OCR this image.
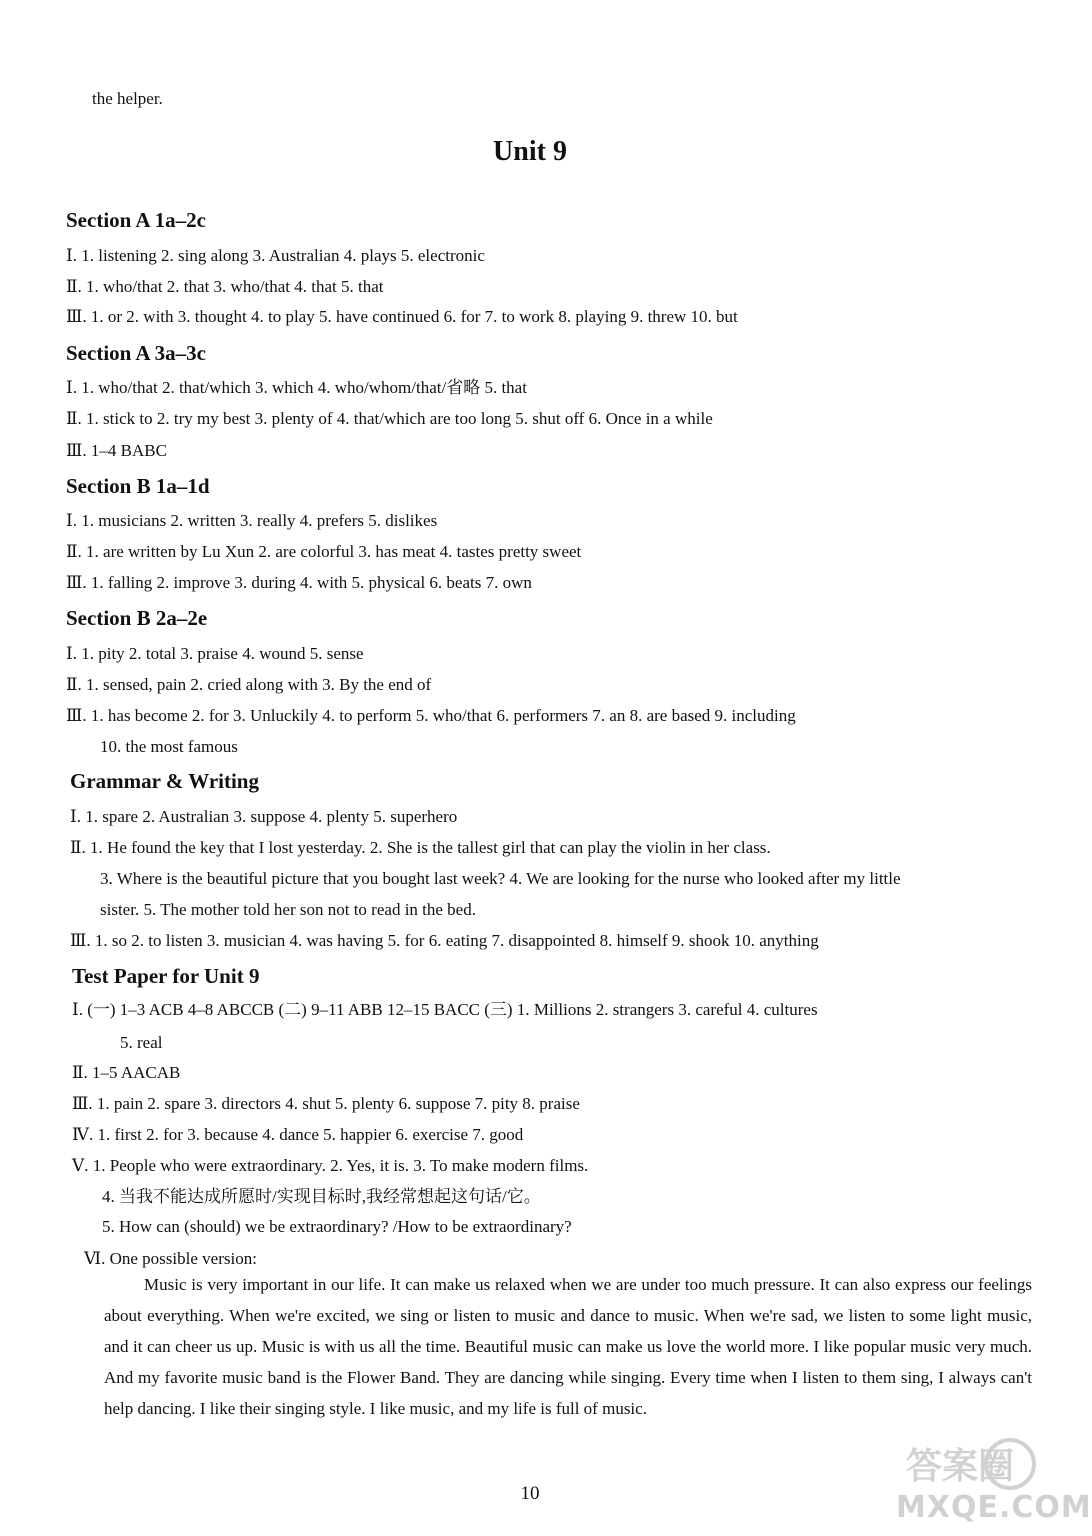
the helper.
Unit 9
Section A 1a–2c
Ⅰ. 1. listening 2. sing along 3. Australian 4. plays 5. electronic
Ⅱ. 1. who/that 2. that 3. who/that 4. that 5. that
Ⅲ. 1. or 2. with 3. thought 4. to play 5. have continued 6. for 7. to work 8. playing 9. threw 10. but
Section A 3a–3c
Ⅰ. 1. who/that 2. that/which 3. which 4. who/whom/that/省略 5. that
Ⅱ. 1. stick to 2. try my best 3. plenty of 4. that/which are too long 5. shut off 6. Once in a while
Ⅲ. 1–4 BABC
Section B 1a–1d
Ⅰ. 1. musicians 2. written 3. really 4. prefers 5. dislikes
Ⅱ. 1. are written by Lu Xun 2. are colorful 3. has meat 4. tastes pretty sweet
Ⅲ. 1. falling 2. improve 3. during 4. with 5. physical 6. beats 7. own
Section B 2a–2e
Ⅰ. 1. pity 2. total 3. praise 4. wound 5. sense
Ⅱ. 1. sensed, pain 2. cried along with 3. By the end of
Ⅲ. 1. has become 2. for 3. Unluckily 4. to perform 5. who/that 6. performers 7. an 8. are based 9. including
10. the most famous
Grammar & Writing
Ⅰ. 1. spare 2. Australian 3. suppose 4. plenty 5. superhero
Ⅱ. 1. He found the key that I lost yesterday. 2. She is the tallest girl that can play the violin in her class.
3. Where is the beautiful picture that you bought last week? 4. We are looking for the nurse who looked after my little
sister. 5. The mother told her son not to read in the bed.
Ⅲ. 1. so 2. to listen 3. musician 4. was having 5. for 6. eating 7. disappointed 8. himself 9. shook 10. anything
Test Paper for Unit 9
Ⅰ. (一) 1–3 ACB 4–8 ABCCB (二) 9–11 ABB 12–15 BACC (三) 1. Millions 2. strangers 3. careful 4. cultures
5. real
Ⅱ. 1–5 AACAB
Ⅲ. 1. pain 2. spare 3. directors 4. shut 5. plenty 6. suppose 7. pity 8. praise
Ⅳ. 1. first 2. for 3. because 4. dance 5. happier 6. exercise 7. good
Ⅴ. 1. People who were extraordinary. 2. Yes, it is. 3. To make modern films.
4. 当我不能达成所愿时/实现目标时,我经常想起这句话/它。
5. How can (should) we be extraordinary? /How to be extraordinary?
Ⅵ. One possible version:
Music is very important in our life. It can make us relaxed when we are under too much pressure. It can also express our feelings about everything. When we're excited, we sing or listen to music and dance to music. When we're sad, we listen to some light music, and it can cheer us up. Music is with us all the time. Beautiful music can make us love the world more. I like popular music very much. And my favorite music band is the Flower Band. They are dancing while singing. Every time when I listen to them sing, I always can't help dancing. I like their singing style. I like music, and my life is full of music.
10
答案圈
MXQE.COM
